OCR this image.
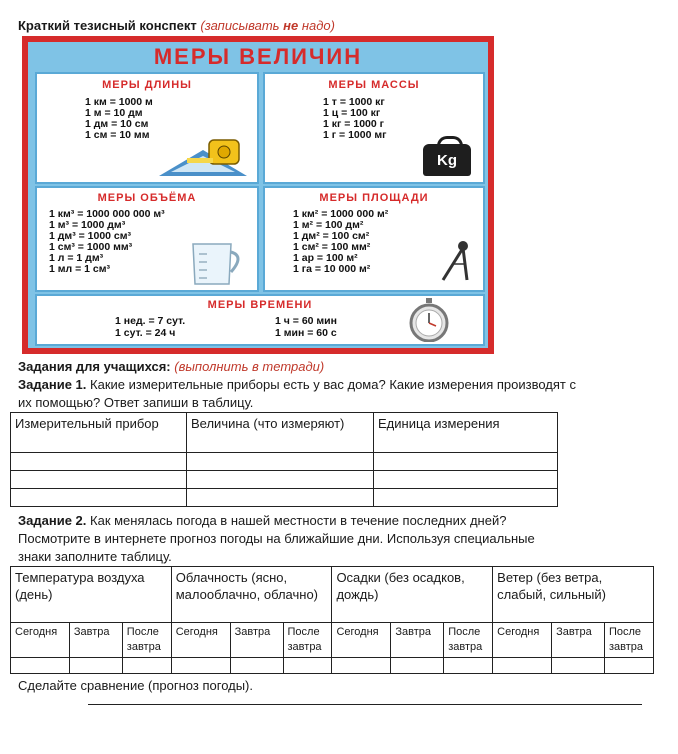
Краткий тезисный конспект (записывать не надо)
МЕРЫ ВЕЛИЧИН
МЕРЫ ДЛИНЫ
1 км = 1000 м
1 м = 10 дм
1 дм = 10 см
1 см = 10 мм
МЕРЫ МАССЫ
1 т = 1000 кг
1 ц = 100 кг
1 кг = 1000 г
1 г = 1000 мг
Kg
МЕРЫ ОБЪЁМА
1 км³ = 1000 000 000 м³
1 м³ = 1000 дм³
1 дм³ = 1000 см³
1 см³ = 1000 мм³
1 л = 1 дм³
1 мл = 1 см³
МЕРЫ ПЛОЩАДИ
1 км² = 1000 000 м²
1 м² = 100 дм²
1 дм² = 100 см²
1 см² = 100 мм²
1 ар = 100 м²
1 га = 10 000 м²
МЕРЫ ВРЕМЕНИ
1 нед. = 7 сут.
1 сут. = 24 ч
1 ч = 60 мин
1 мин = 60 с
Задания для учащихся: (выполнить в тетради)
Задание 1. Какие измерительные приборы есть у вас дома? Какие измерения производят с
их помощью? Ответ запиши в таблицу.
Измерительный прибор	Величина (что измеряют)	Единица измерения

Задание 2. Как менялась погода в нашей местности в течение последних дней?
Посмотрите в интернете прогноз погоды на ближайшие дни. Используя специальные
знаки заполните таблицу.
Температура воздуха (день)			Облачность (ясно, малооблачно, облачно)			Осадки (без осадков, дождь)			Ветер (без ветра, слабый, сильный)		
Сегодня	Завтра	После завтра	Сегодня	Завтра	После завтра	Сегодня	Завтра	После завтра	Сегодня	Завтра	После завтра

Сделайте сравнение (прогноз погоды).
